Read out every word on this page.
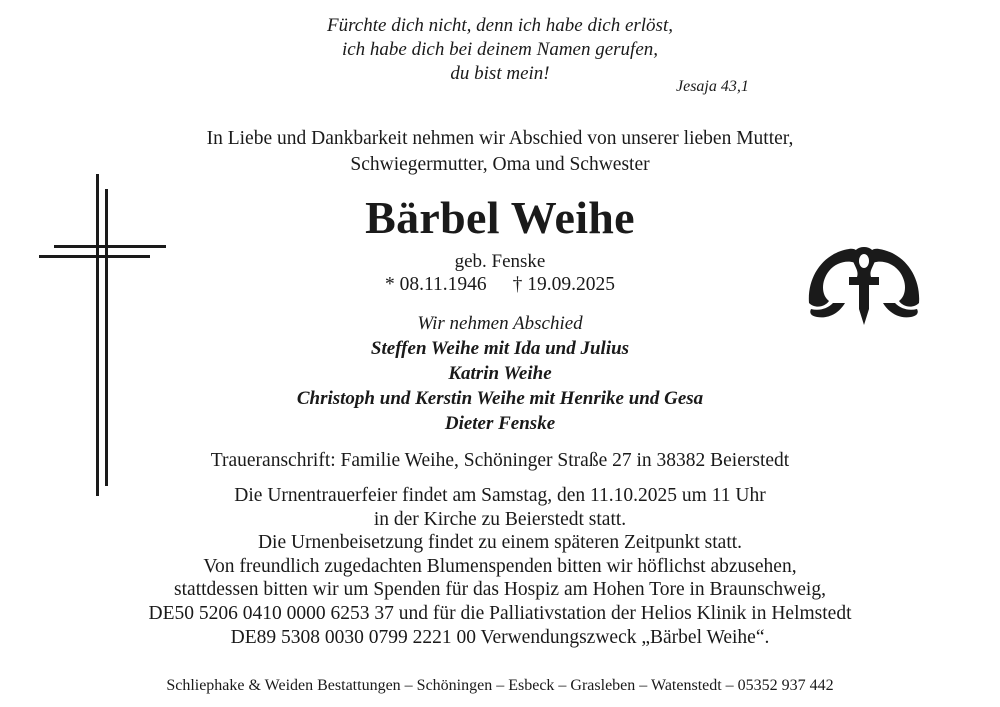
Fürchte dich nicht, denn ich habe dich erlöst,
ich habe dich bei deinem Namen gerufen,
du bist mein!
Jesaja 43,1
In Liebe und Dankbarkeit nehmen wir Abschied von unserer lieben Mutter,
Schwiegermutter, Oma und Schwester
Bärbel Weihe
geb. Fenske
* 08.11.1946 † 19.09.2025
Wir nehmen Abschied
Steffen Weihe mit Ida und Julius
Katrin Weihe
Christoph und Kerstin Weihe mit Henrike und Gesa
Dieter Fenske
Traueranschrift: Familie Weihe, Schöninger Straße 27 in 38382 Beierstedt
Die Urnentrauerfeier findet am Samstag, den 11.10.2025 um 11 Uhr
in der Kirche zu Beierstedt statt.
Die Urnenbeisetzung findet zu einem späteren Zeitpunkt statt.
Von freundlich zugedachten Blumenspenden bitten wir höflichst abzusehen,
stattdessen bitten wir um Spenden für das Hospiz am Hohen Tore in Braunschweig,
DE50 5206 0410 0000 6253 37 und für die Palliativstation der Helios Klinik in Helmstedt
DE89 5308 0030 0799 2221 00 Verwendungszweck „Bärbel Weihe“.
Schliephake & Weiden Bestattungen – Schöningen – Esbeck – Grasleben – Watenstedt – 05352 937 442
